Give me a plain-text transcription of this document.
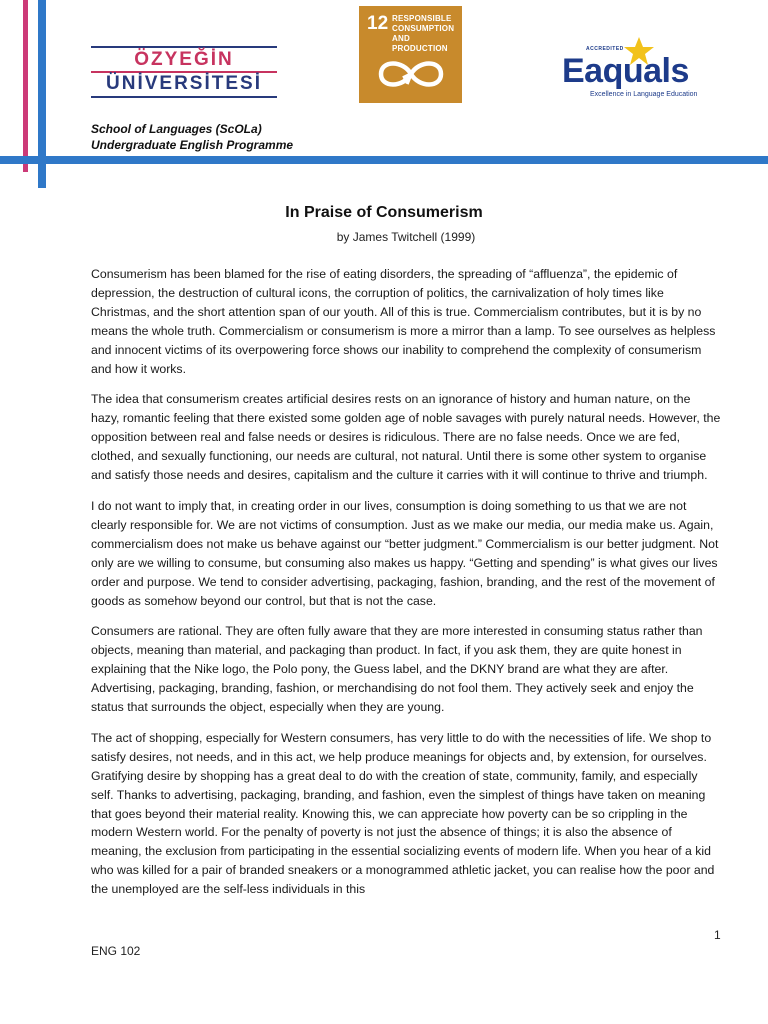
ÖZYEĞİN
ÜNİVERSİTESİ
12 RESPONSIBLE
CONSUMPTION
AND PRODUCTION	ACCREDITED
Eaquals
Excellence in Language Education
School of Languages (ScOLa)
Undergraduate English Programme
In Praise of Consumerism
by James Twitchell (1999)

Consumerism has been blamed for the rise of eating disorders, the spreading of “affluenza”, the epidemic of depression, the destruction of cultural icons, the corruption of politics, the carnivalization of holy times like Christmas, and the short attention span of our youth. All of this is true. Commercialism contributes, but it is by no means the whole truth. Commercialism or consumerism is more a mirror than a lamp. To see ourselves as helpless and innocent victims of its overpowering force shows our inability to comprehend the complexity of consumerism and how it works.

The idea that consumerism creates artificial desires rests on an ignorance of history and human nature, on the hazy, romantic feeling that there existed some golden age of noble savages with purely natural needs. However, the opposition between real and false needs or desires is ridiculous. There are no false needs. Once we are fed, clothed, and sexually functioning, our needs are cultural, not natural. Until there is some other system to organise and satisfy those needs and desires, capitalism and the culture it carries with it will continue to thrive and triumph.

I do not want to imply that, in creating order in our lives, consumption is doing something to us that we are not clearly responsible for. We are not victims of consumption. Just as we make our media, our media make us. Again, commercialism does not make us behave against our “better judgment.” Commercialism is our better judgment. Not only are we willing to consume, but consuming also makes us happy. “Getting and spending” is what gives our lives order and purpose. We tend to consider advertising, packaging, fashion, branding, and the rest of the movement of goods as somehow beyond our control, but that is not the case.

Consumers are rational. They are often fully aware that they are more interested in consuming status rather than objects, meaning than material, and packaging than product. In fact, if you ask them, they are quite honest in explaining that the Nike logo, the Polo pony, the Guess label, and the DKNY brand are what they are after. Advertising, packaging, branding, fashion, or merchandising do not fool them. They actively seek and enjoy the status that surrounds the object, especially when they are young.

The act of shopping, especially for Western consumers, has very little to do with the necessities of life. We shop to satisfy desires, not needs, and in this act, we help produce meanings for objects and, by extension, for ourselves. Gratifying desire by shopping has a great deal to do with the creation of state, community, family, and especially self. Thanks to advertising, packaging, branding, and fashion, even the simplest of things have taken on meaning that goes beyond their material reality. Knowing this, we can appreciate how poverty can be so crippling in the modern Western world. For the penalty of poverty is not just the absence of things; it is also the absence of meaning, the exclusion from participating in the essential socializing events of modern life. When you hear of a kid who was killed for a pair of branded sneakers or a monogrammed athletic jacket, you can realise how the poor and the unemployed are the self-less individuals in this

1
ENG 102
